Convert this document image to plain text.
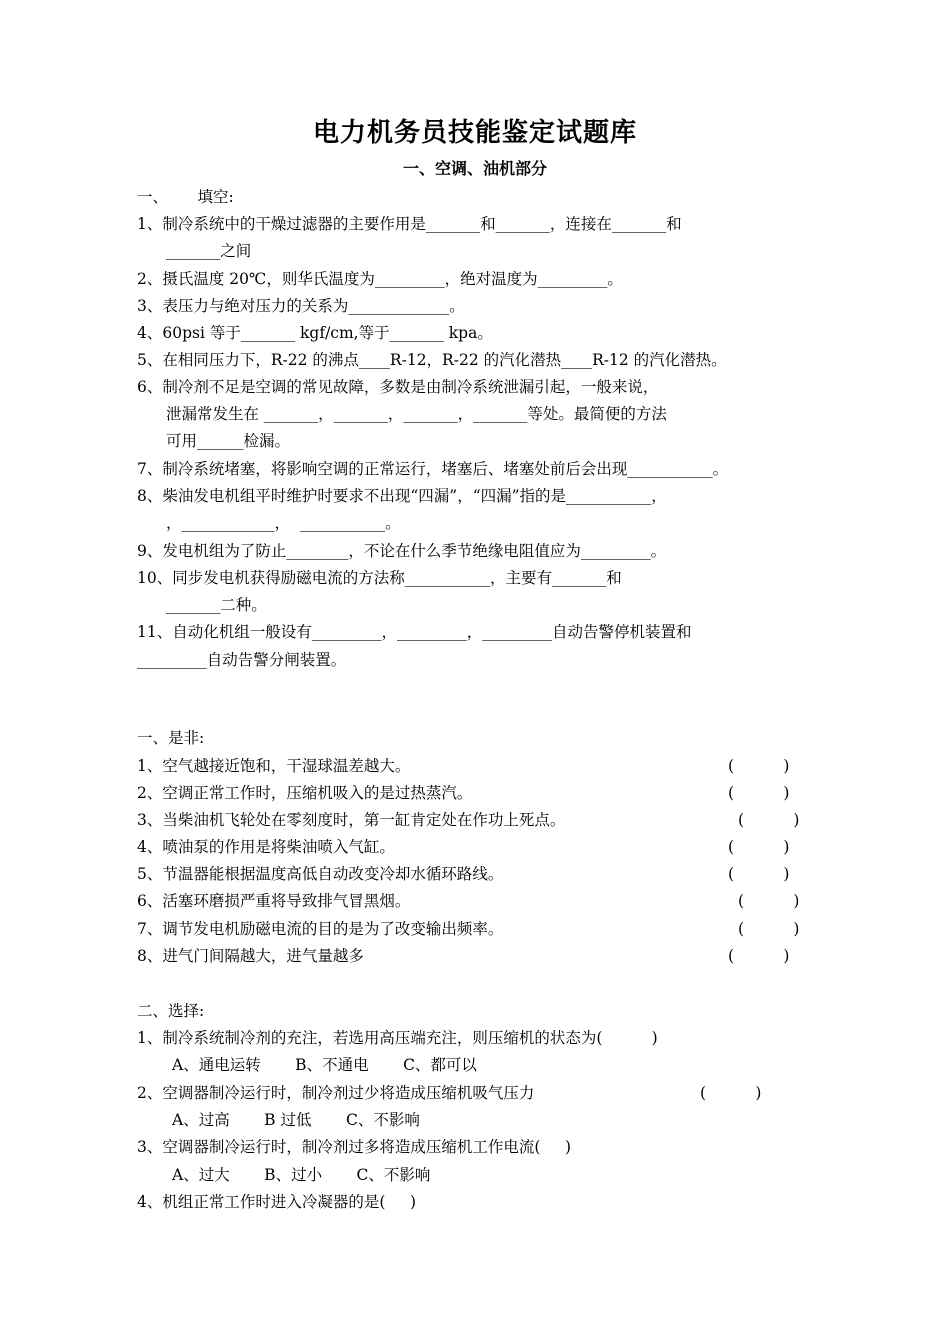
电力机务员技能鉴定试题库
一、空调、油机部分
一、      填空:
1、制冷系统中的干燥过滤器的主要作用是_______和_______，连接在_______和
_______之间
2、摄氏温度 20℃，则华氏温度为_________，绝对温度为_________。
3、表压力与绝对压力的关系为_____________。
4、60psi 等于_______ kgf/cm,等于_______ kpa。
5、在相同压力下，R-22 的沸点____R-12，R-22 的汽化潜热____R-12 的汽化潜热。
6、制冷剂不足是空调的常见故障，多数是由制冷系统泄漏引起，一般来说，
泄漏常发生在 _______，_______，_______，_______等处。最简便的方法
可用______检漏。
7、制冷系统堵塞，将影响空调的正常运行，堵塞后、堵塞处前后会出现___________。
8、柴油发电机组平时维护时要求不出现“四漏”，“四漏”指的是___________，
，____________，  ___________。
9、发电机组为了防止________，不论在什么季节绝缘电阻值应为_________。
10、同步发电机获得励磁电流的方法称___________，主要有_______和
_______二种。
11、自动化机组一般设有_________，_________，_________自动告警停机装置和
_________自动告警分闸装置。
一、是非:
1、空气越接近饱和，干湿球温差越大。	(          )
2、空调正常工作时，压缩机吸入的是过热蒸汽。	(          )
3、当柴油机飞轮处在零刻度时，第一缸肯定处在作功上死点。	(          )
4、喷油泵的作用是将柴油喷入气缸。	(          )
5、节温器能根据温度高低自动改变冷却水循环路线。	(          )
6、活塞环磨损严重将导致排气冒黑烟。	(          )
7、调节发电机励磁电流的目的是为了改变输出频率。	(          )
8、进气门间隔越大，进气量越多	(          )
二、选择:
1、制冷系统制冷剂的充注，若选用高压端充注，则压缩机的状态为(          )
A、通电运转       B、不通电       C、都可以
2、空调器制冷运行时，制冷剂过少将造成压缩机吸气压力	(          )
A、过高       B 过低       C、不影响
3、空调器制冷运行时，制冷剂过多将造成压缩机工作电流(     )
A、过大       B、过小       C、不影响
4、机组正常工作时进入冷凝器的是(     )
